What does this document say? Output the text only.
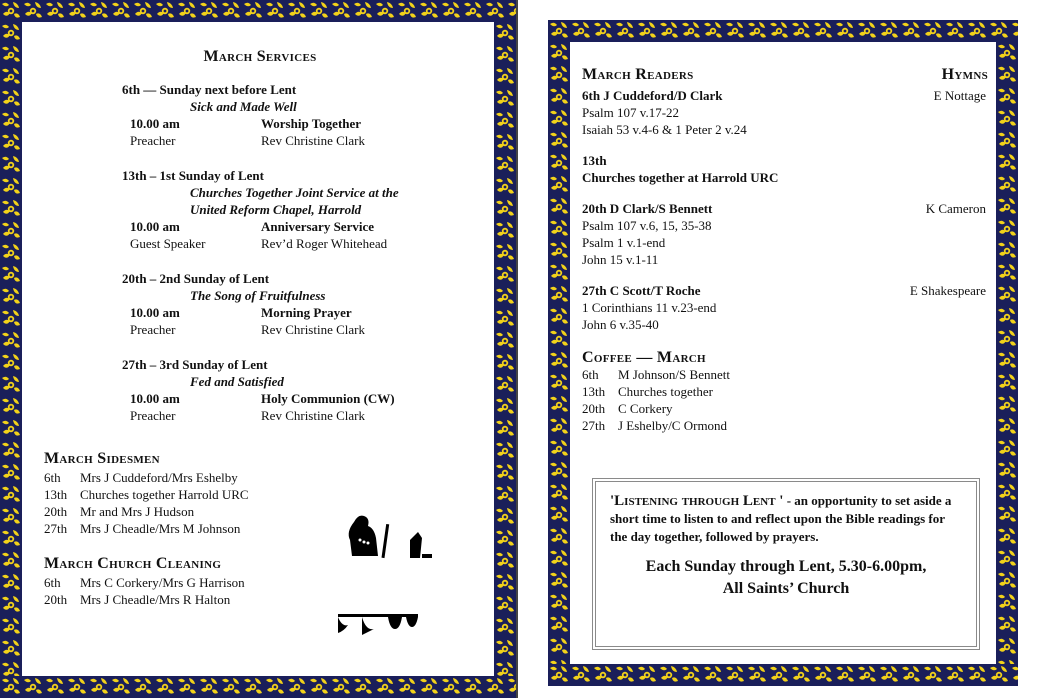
March Services
6th — Sunday next before Lent
Sick and Made Well
10.00 am	Worship Together
Preacher	Rev Christine Clark
13th – 1st Sunday of Lent
Churches Together Joint Service at the
United Reform Chapel, Harrold
10.00 am	Anniversary Service
Guest Speaker	Rev’d Roger Whitehead
20th – 2nd Sunday of Lent
The Song of Fruitfulness
10.00 am	Morning Prayer
Preacher	Rev Christine Clark
27th – 3rd Sunday of Lent
Fed and Satisfied
10.00 am	Holy Communion (CW)
Preacher	Rev Christine Clark
March Sidesmen
6th	Mrs J Cuddeford/Mrs Eshelby
13th Churches together Harrold URC
20th Mr and Mrs J Hudson
27th Mrs J Cheadle/Mrs M Johnson
March Church Cleaning
6th	Mrs C Corkery/Mrs G Harrison
20th Mrs J Cheadle/Mrs R Halton
March Readers	Hymns
6th J Cuddeford/D Clark	E Nottage
Psalm 107 v.17-22
Isaiah 53 v.4-6 & 1 Peter 2 v.24
13th
Churches together at Harrold URC
20th D Clark/S Bennett	K Cameron
Psalm 107 v.6, 15, 35-38
Psalm 1 v.1-end
John 15 v.1-11
27th C Scott/T Roche	E Shakespeare
1 Corinthians 11 v.23-end
John 6 v.35-40
Coffee — March
6th	M Johnson/S Bennett
13th Churches together
20th C Corkery
27th J Eshelby/C Ormond

'Listening through Lent ' - an opportunity to set aside a short time to listen to and reflect upon the Bible readings for the day together, followed by prayers.

Each Sunday through Lent, 5.30-6.00pm,
All Saints’ Church
